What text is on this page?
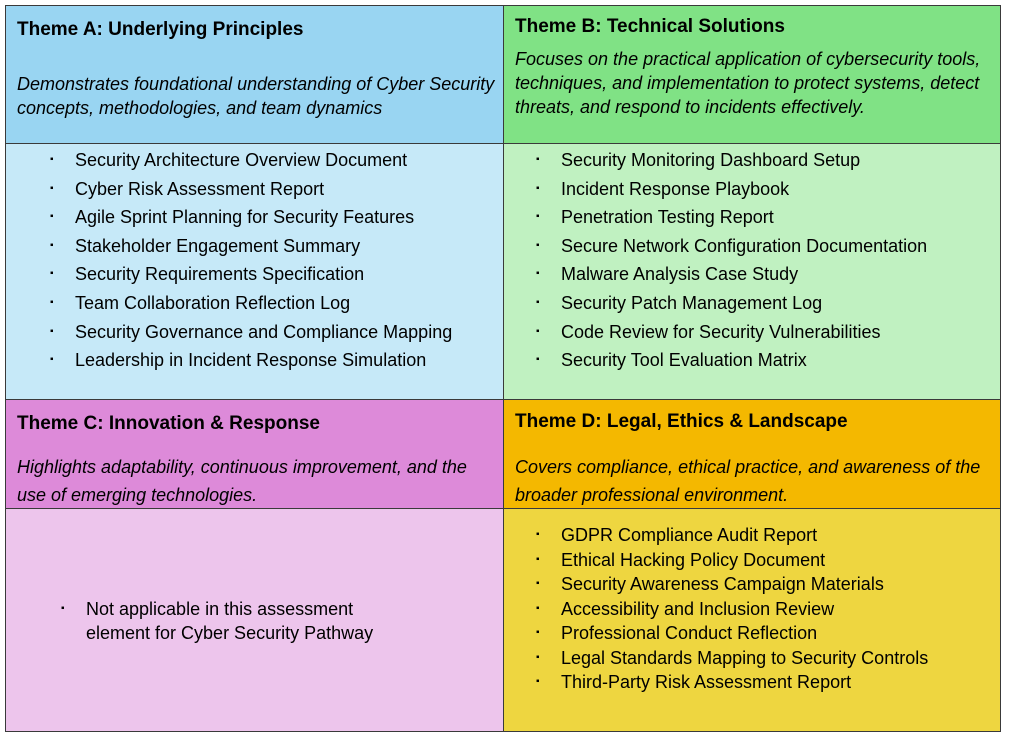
Theme A: Underlying Principles
Demonstrates foundational understanding of Cyber Security concepts, methodologies, and team dynamics
Theme B: Technical Solutions
Focuses on the practical application of cybersecurity tools, techniques, and implementation to protect systems, detect threats, and respond to incidents effectively.
▪ Security Architecture Overview Document
▪ Cyber Risk Assessment Report
▪ Agile Sprint Planning for Security Features
▪ Stakeholder Engagement Summary
▪ Security Requirements Specification
▪ Team Collaboration Reflection Log
▪ Security Governance and Compliance Mapping
▪ Leadership in Incident Response Simulation
▪ Security Monitoring Dashboard Setup
▪ Incident Response Playbook
▪ Penetration Testing Report
▪ Secure Network Configuration Documentation
▪ Malware Analysis Case Study
▪ Security Patch Management Log
▪ Code Review for Security Vulnerabilities
▪ Security Tool Evaluation Matrix
Theme C: Innovation & Response
Highlights adaptability, continuous improvement, and the use of emerging technologies.
Theme D: Legal, Ethics & Landscape
Covers compliance, ethical practice, and awareness of the broader professional environment.
▪ Not applicable in this assessment element for Cyber Security Pathway
▪ GDPR Compliance Audit Report
▪ Ethical Hacking Policy Document
▪ Security Awareness Campaign Materials
▪ Accessibility and Inclusion Review
▪ Professional Conduct Reflection
▪ Legal Standards Mapping to Security Controls
▪ Third-Party Risk Assessment Report
